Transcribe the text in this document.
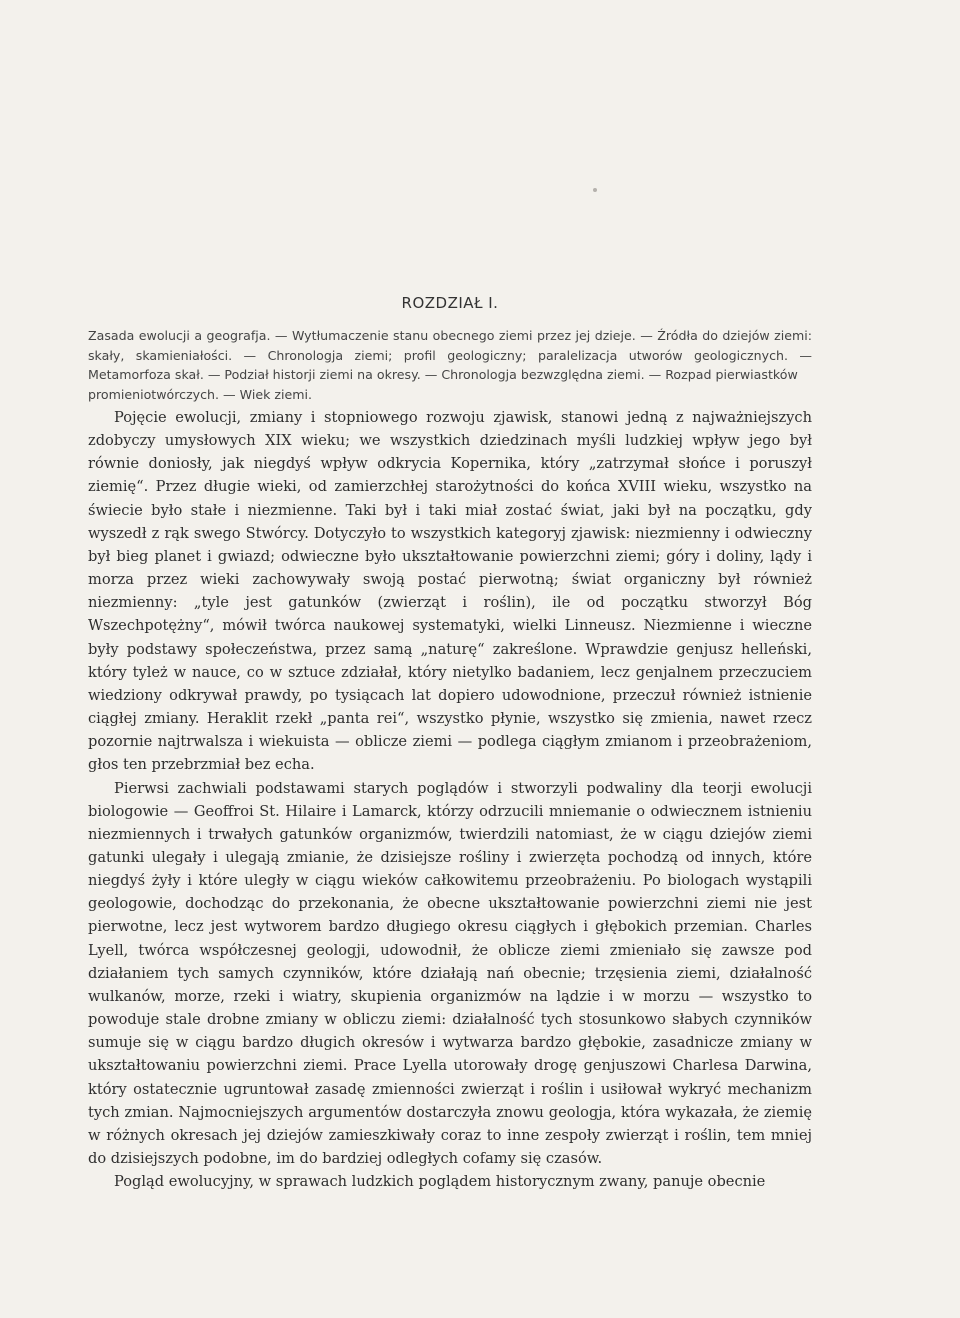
ROZDZIAŁ I.

Zasada ewolucji a geografja. — Wytłumaczenie stanu obecnego ziemi przez jej dzieje. — Źródła do dziejów ziemi: skały, skamieniałości. — Chronologja ziemi; profil geologiczny; paralelizacja utworów geologicznych. — Metamorfoza skał. — Podział historji ziemi na okresy. — Chronologja bezwzględna ziemi. — Rozpad pierwiastków
promieniotwórczych. — Wiek ziemi.

Pojęcie ewolucji, zmiany i stopniowego rozwoju zjawisk, stanowi jedną z najważniejszych zdobyczy umysłowych XIX wieku; we wszystkich dziedzinach myśli ludzkiej wpływ jego był równie doniosły, jak niegdyś wpływ odkrycia Kopernika, który „zatrzymał słońce i poruszył ziemię“. Przez długie wieki, od zamierzchłej starożytności do końca XVIII wieku, wszystko na świecie było stałe i niezmienne. Taki był i taki miał zostać świat, jaki był na początku, gdy wyszedł z rąk swego Stwórcy. Dotyczyło to wszystkich kategoryj zjawisk: niezmienny i odwieczny był bieg planet i gwiazd; odwieczne było ukształtowanie powierzchni ziemi; góry i doliny, lądy i morza przez wieki zachowywały swoją postać pierwotną; świat organiczny był również niezmienny: „tyle jest gatunków (zwierząt i roślin), ile od początku stworzył Bóg Wszechpotężny“, mówił twórca naukowej systematyki, wielki Linneusz. Niezmienne i wieczne były podstawy społeczeństwa, przez samą „naturę“ zakreślone. Wprawdzie genjusz helleński, który tyleż w nauce, co w sztuce zdziałał, który nietylko badaniem, lecz genjalnem przeczuciem wiedziony odkrywał prawdy, po tysiącach lat dopiero udowodnione, przeczuł również istnienie ciągłej zmiany. Heraklit rzekł „panta rei“, wszystko płynie, wszystko się zmienia, nawet rzecz pozornie najtrwalsza i wiekuista — oblicze ziemi — podlega ciągłym zmianom i przeobrażeniom, głos ten przebrzmiał bez echa.

Pierwsi zachwiali podstawami starych poglądów i stworzyli podwaliny dla teorji ewolucji biologowie — Geoffroi St. Hilaire i Lamarck, którzy odrzucili mniemanie o odwiecznem istnieniu niezmiennych i trwałych gatunków organizmów, twierdzili natomiast, że w ciągu dziejów ziemi gatunki ulegały i ulegają zmianie, że dzisiejsze rośliny i zwierzęta pochodzą od innych, które niegdyś żyły i które uległy w ciągu wieków całkowitemu przeobrażeniu. Po biologach wystąpili geologowie, dochodząc do przekonania, że obecne ukształtowanie powierzchni ziemi nie jest pierwotne, lecz jest wytworem bardzo długiego okresu ciągłych i głębokich przemian. Charles Lyell, twórca współczesnej geologji, udowodnił, że oblicze ziemi zmieniało się zawsze pod działaniem tych samych czynników, które działają nań obecnie; trzęsienia ziemi, działalność wulkanów, morze, rzeki i wiatry, skupienia organizmów na lądzie i w morzu — wszystko to powoduje stale drobne zmiany w obliczu ziemi: działalność tych stosunkowo słabych czynników sumuje się w ciągu bardzo długich okresów i wytwarza bardzo głębokie, zasadnicze zmiany w ukształtowaniu powierzchni ziemi. Prace Lyella utorowały drogę genjuszowi Charlesa Darwina, który ostatecznie ugruntował zasadę zmienności zwierząt i roślin i usiłował wykryć mechanizm tych zmian. Najmocniejszych argumentów dostarczyła znowu geologja, która wykazała, że ziemię w różnych okresach jej dziejów zamieszkiwały coraz to inne zespoły zwierząt i roślin, tem mniej do dzisiejszych podobne, im do bardziej odległych cofamy się czasów.

Pogląd ewolucyjny, w sprawach ludzkich poglądem historycznym zwany, panuje obecnie
